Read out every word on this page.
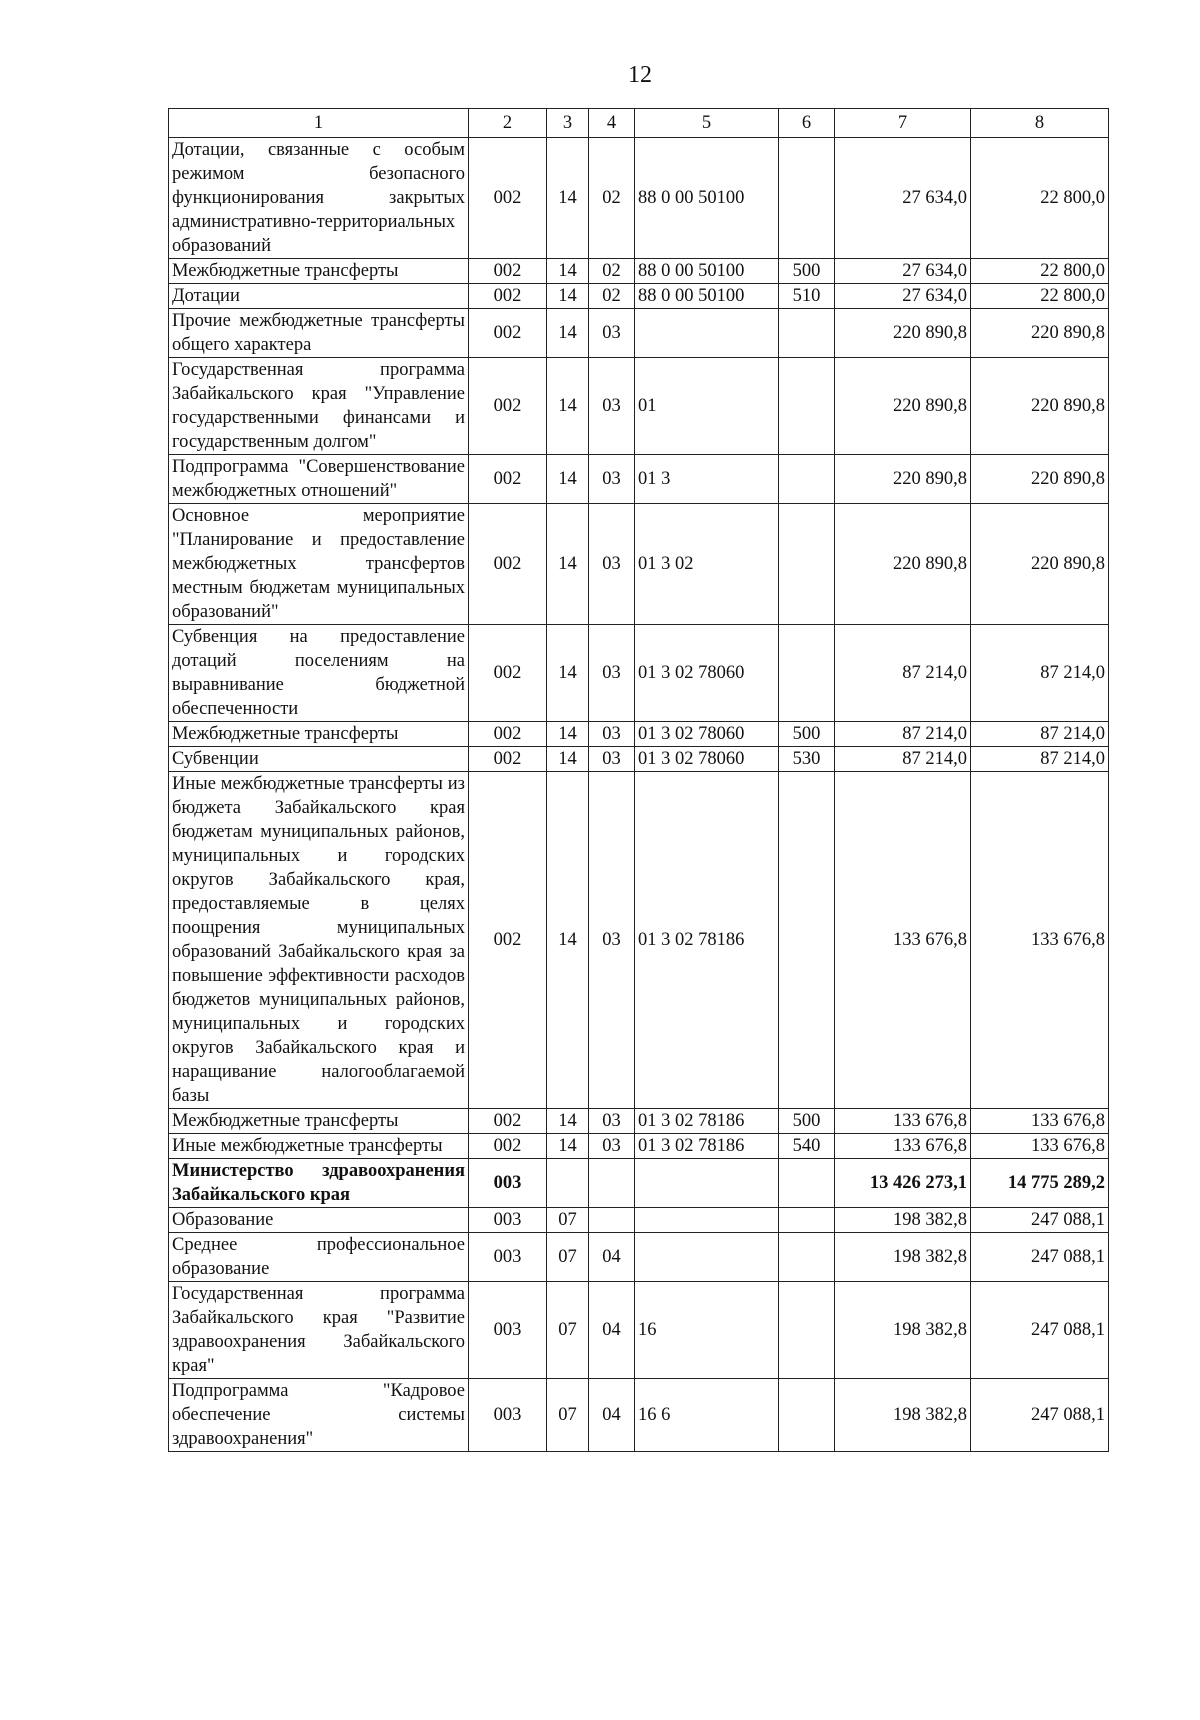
12
1	2	3	4	5	6	7	8
Дотации, связанные с особым режимом безопасного функционирования закрытых административно-территориальных образований	002	14	02	88 0 00 50100		27 634,0	22 800,0
Межбюджетные трансферты	002	14	02	88 0 00 50100	500	27 634,0	22 800,0
Дотации	002	14	02	88 0 00 50100	510	27 634,0	22 800,0
Прочие межбюджетные трансферты общего характера	002	14	03			220 890,8	220 890,8
Государственная программа Забайкальского края "Управление государственными финансами и государственным долгом"	002	14	03	01		220 890,8	220 890,8
Подпрограмма "Совершенствование межбюджетных отношений"	002	14	03	01 3		220 890,8	220 890,8
Основное мероприятие "Планирование и предоставление межбюджетных трансфертов местным бюджетам муниципальных образований"	002	14	03	01 3 02		220 890,8	220 890,8
Субвенция на предоставление дотаций поселениям на выравнивание бюджетной обеспеченности	002	14	03	01 3 02 78060		87 214,0	87 214,0
Межбюджетные трансферты	002	14	03	01 3 02 78060	500	87 214,0	87 214,0
Субвенции	002	14	03	01 3 02 78060	530	87 214,0	87 214,0
Иные межбюджетные трансферты из бюджета Забайкальского края бюджетам муниципальных районов, муниципальных и городских округов Забайкальского края, предоставляемые в целях поощрения муниципальных образований Забайкальского края за повышение эффективности расходов бюджетов муниципальных районов, муниципальных и городских округов Забайкальского края и наращивание налогооблагаемой базы	002	14	03	01 3 02 78186		133 676,8	133 676,8
Межбюджетные трансферты	002	14	03	01 3 02 78186	500	133 676,8	133 676,8
Иные межбюджетные трансферты	002	14	03	01 3 02 78186	540	133 676,8	133 676,8
Министерство здравоохранения Забайкальского края	003					13 426 273,1	14 775 289,2
Образование	003	07				198 382,8	247 088,1
Среднее профессиональное образование	003	07	04			198 382,8	247 088,1
Государственная программа Забайкальского края "Развитие здравоохранения Забайкальского края"	003	07	04	16		198 382,8	247 088,1
Подпрограмма "Кадровое обеспечение системы здравоохранения"	003	07	04	16 6		198 382,8	247 088,1
